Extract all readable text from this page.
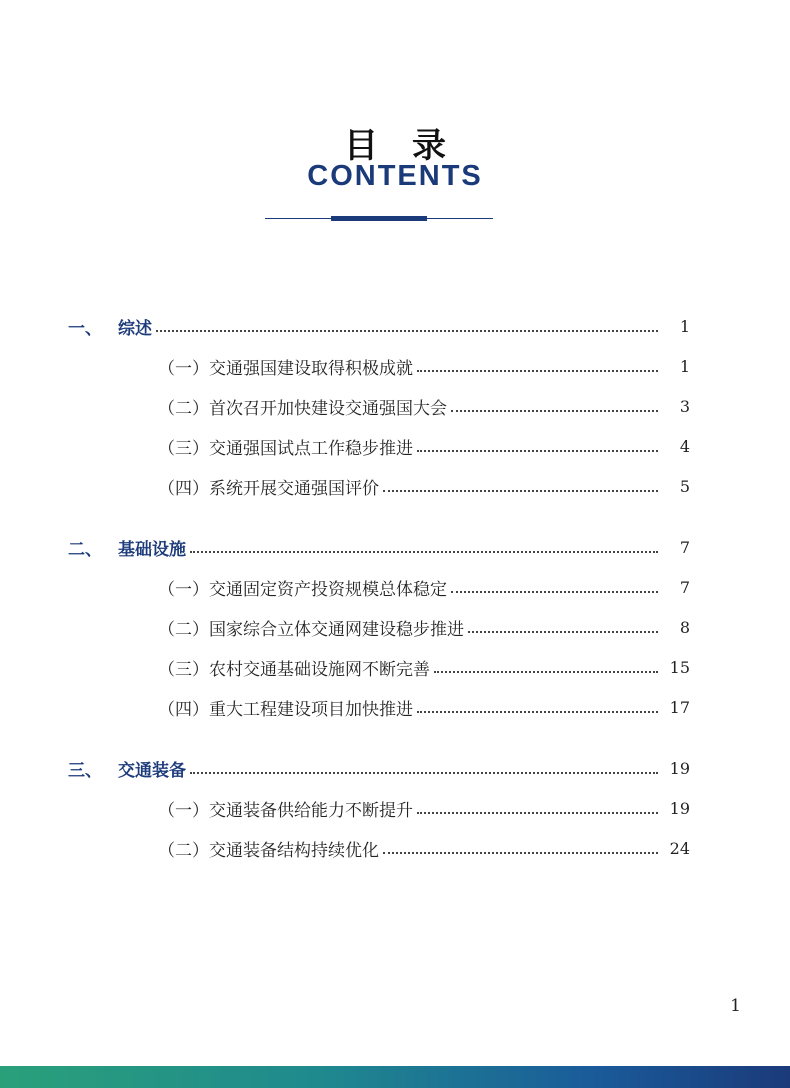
目录
CONTENTS
一、 综述	1
（一）交通强国建设取得积极成就	1
（二）首次召开加快建设交通强国大会	3
（三）交通强国试点工作稳步推进	4
（四）系统开展交通强国评价	5
二、 基础设施	7
（一）交通固定资产投资规模总体稳定	7
（二）国家综合立体交通网建设稳步推进	8
（三）农村交通基础设施网不断完善	15
（四）重大工程建设项目加快推进	17
三、 交通装备	19
（一）交通装备供给能力不断提升	19
（二）交通装备结构持续优化	24
1
